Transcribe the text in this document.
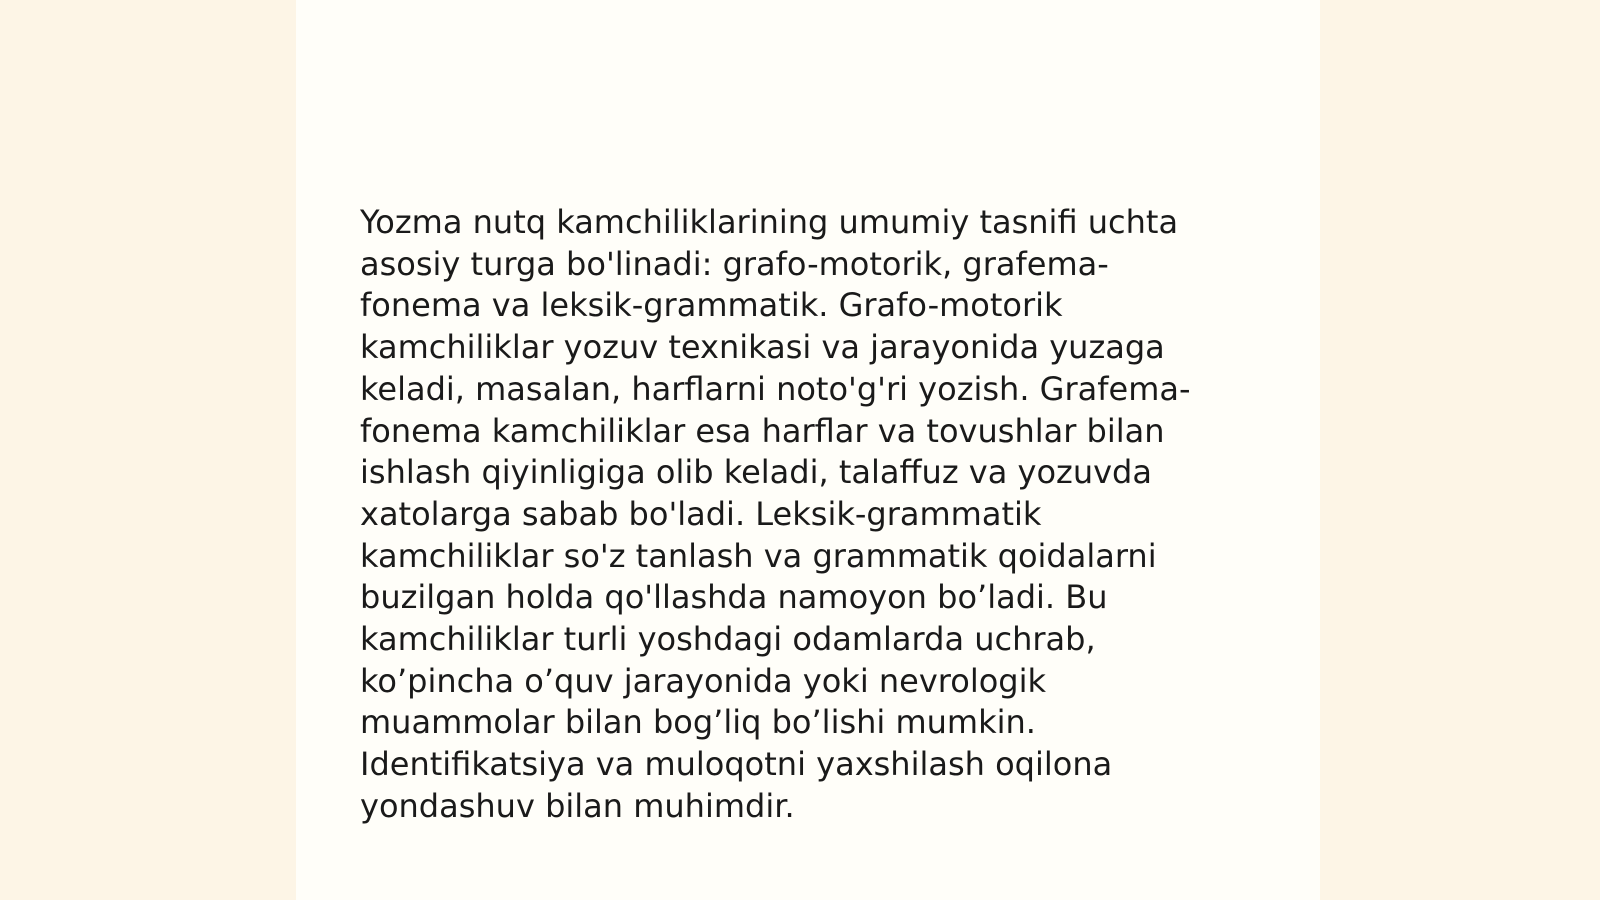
Yozma nutq kamchiliklarining umumiy tasnifi uchta
asosiy turga bo'linadi: grafo-motorik, grafema-
fonema va leksik-grammatik. Grafo-motorik
kamchiliklar yozuv texnikasi va jarayonida yuzaga
keladi, masalan, harflarni noto'g'ri yozish. Grafema-
fonema kamchiliklar esa harflar va tovushlar bilan
ishlash qiyinligiga olib keladi, talaffuz va yozuvda
xatolarga sabab bo'ladi. Leksik-grammatik
kamchiliklar so'z tanlash va grammatik qoidalarni
buzilgan holda qo'llashda namoyon bo’ladi. Bu
kamchiliklar turli yoshdagi odamlarda uchrab,
ko’pincha o’quv jarayonida yoki nevrologik
muammolar bilan bog’liq bo’lishi mumkin.
Identifikatsiya va muloqotni yaxshilash oqilona
yondashuv bilan muhimdir.
